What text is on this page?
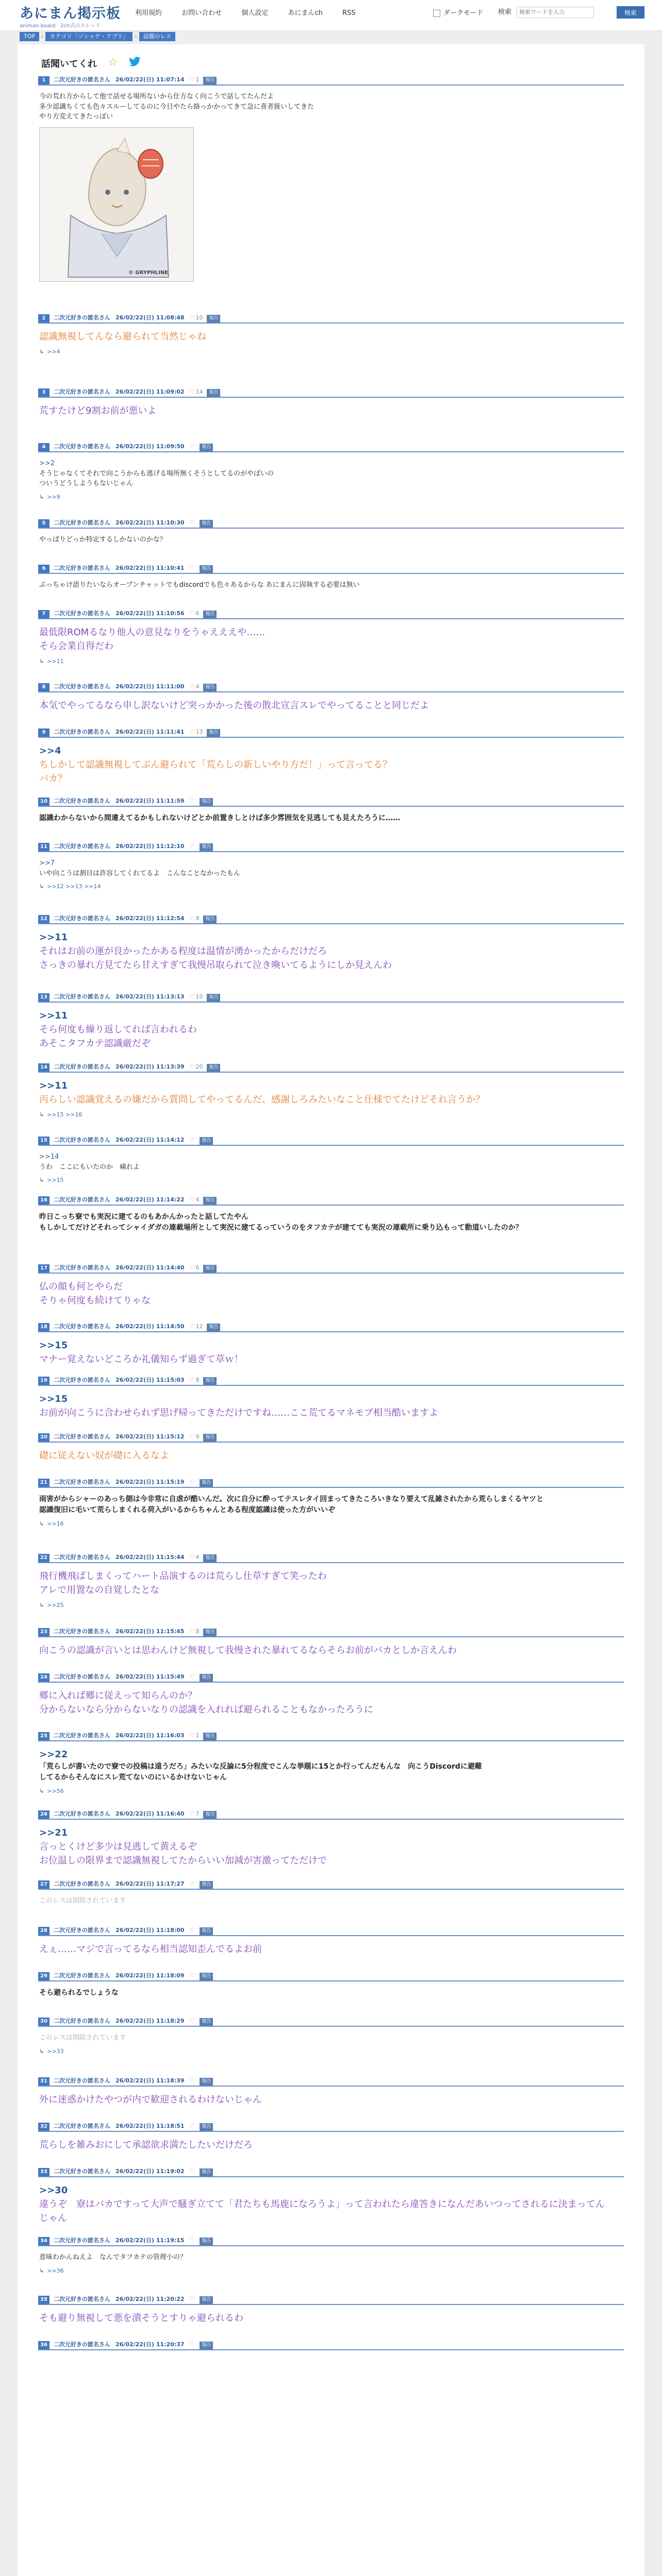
あにまん掲示板
animan board · 2ch式のスレッド
利用規約	お問い合わせ	個人設定	あにまんch	RSS	ダークモード 検索 検索ワードを入力	検索
TOP › カテゴリ「ソシャゲ・アプリ」 › 話題のレス
話聞いてくれ ☆
1 二次元好きの匿名さん 26/02/22(日) 11:07:14 ♡ 1 報告
今の荒れ方からして他で話せる場所ないから仕方なく向こうで話してたんだよ
多少認識ちくても色々スルーしてるのに今日やたら絡っかかってきて急に喜者扱いしてきた
やり方変えてきたっぽい
© GRYPHLINE
2 二次元好きの匿名さん 26/02/22(日) 11:08:48 ♡ 10 報告
認識無視してんなら避られて当然じゃね
↳ >>4
3 二次元好きの匿名さん 26/02/22(日) 11:09:02 ♡ 14 報告
荒すたけど9割お前が悪いよ
4 二次元好きの匿名さん 26/02/22(日) 11:09:50 ♡ 報告
>>2
そうじゃなくてそれで向こうからも逃げる場所無くそうとしてるのがやばいの
ついうどうしようもないじゃん
↳ >>9
5 二次元好きの匿名さん 26/02/22(日) 11:10:30 ♡ 報告
やっぱりどっか特定するしかないのかな？
6 二次元好きの匿名さん 26/02/22(日) 11:10:41 ♡ 報告
ぶっちゃけ語りたいならオープンチャットでもdiscordでも色々あるからな あにまんに固執する必要は無い
7 二次元好きの匿名さん 26/02/22(日) 11:10:56 ♡ 6 報告
最低限ROMるなり他人の意見なりをうゃえええや……
そら会業自得だわ
↳ >>11
8 二次元好きの匿名さん 26/02/22(日) 11:11:00 ♡ 4 報告
本気でやってるなら申し訳ないけど突っかかった後の散北宣言スレでやってることと同じだよ
9 二次元好きの匿名さん 26/02/22(日) 11:11:41 ♡ 13 報告
>>4
ちしかして認識無視してぶん避られて「荒らしの新しいやり方だ！」って言ってる？
バカ？
10 二次元好きの匿名さん 26/02/22(日) 11:11:59 ♡ 報告
認識わからないから間違えてるかもしれないけどとか前置きしとけば多少雰囲気を見逃しても見えたろうに……
11 二次元好きの匿名さん 26/02/22(日) 11:12:10 ♡ 報告
>>7
いや向こうは割目は許容してくれてるよ　こんなことなかったもん
↳ >>12 >>13 >>14
12 二次元好きの匿名さん 26/02/22(日) 11:12:54 ♡ 8 報告
>>11
それはお前の運が良かったかある程度は温情が湧かったからだけだろ
さっきの暴れ方見てたら甘えすぎて我慢吊取られて泣き喚いてるようにしか見えんわ
13 二次元好きの匿名さん 26/02/22(日) 11:13:13 ♡ 10 報告
>>11
そら何度も繰り返してれば言われるわ
あそこタフカテ認識厳だぞ
14 二次元好きの匿名さん 26/02/22(日) 11:13:39 ♡ 20 報告
>>11
丙らしい認識覚えるの嫌だから質問してやってるんだ、感謝しろみたいなこと仕様でてたけどそれ言うか？
↳ >>15 >>16
15 二次元好きの匿名さん 26/02/22(日) 11:14:12 ♡ 報告
>>14
うわ　ここにもいたのか　痛れよ
↳ >>15
16 二次元好きの匿名さん 26/02/22(日) 11:14:22 ♡ 4 報告
昨日こっち寮でも実況に建てるのもあかんかったと話してたやん
もしかしてだけどそれってシャイダガの連載場所として実況に建てるっていうのをタフカテが建てても実況の連載所に乗り込もって動道いしたのか？
17 二次元好きの匿名さん 26/02/22(日) 11:14:40 ♡ 6 報告
仏の顔も何とやらだ
そりゃ何度も続けてりゃな
18 二次元好きの匿名さん 26/02/22(日) 11:14:50 ♡ 12 報告
>>15
マナー覚えないどころか礼儀知らず過ぎて草ｗ！
19 二次元好きの匿名さん 26/02/22(日) 11:15:03 ♡ 8 報告
>>15
お前が向こうに合わせられず思げ帰ってきただけですね……ここ荒てるマネモブ相当酷いますよ
20 二次元好きの匿名さん 26/02/22(日) 11:15:12 ♡ 9 報告
礎に従えない奴が礎に入るなよ
21 二次元好きの匿名さん 26/02/22(日) 11:15:19 ♡ 報告
雨害がからシャーのあっち側は今非常に自虐が酷いんだ。次に自分に酔ってテスレタイ回まってきたころいきなり要えて乱雑されたから荒らしまくるヤツと
認識復旧に毛いて荒らしまくれる荷入がいるからちゃんとある程度認識は使った方がいいぞ
↳ >>16
22 二次元好きの匿名さん 26/02/22(日) 11:15:44 ♡ 4 報告
飛行機飛ばしまくってハート品演するのは荒らし仕草すぎて笑ったわ
アレで用置なの自覚したとな
↳ >>25
23 二次元好きの匿名さん 26/02/22(日) 11:15:45 ♡ 8 報告
向こうの認識が言いとは思わんけど無視して我慢された暴れてるならそらお前がバカとしか言えんわ
24 二次元好きの匿名さん 26/02/22(日) 11:15:49 ♡ 報告
郷に入れば郷に従えって知らんのか？
分からないなら分からないなりの認識を入れれば避られることもなかったろうに
25 二次元好きの匿名さん 26/02/22(日) 11:16:03 ♡ 1 報告
>>22
「荒らしが書いたので寮での投稿は遠うだろ」みたいな反論に5分程度でこんな挙題に15とか行ってんだもんな　向こうDiscordに避難
してるからそんなにスレ荒てないのにいるかけないじゃん
↳ >>56
26 二次元好きの匿名さん 26/02/22(日) 11:16:40 ♡ 7 報告
>>21
言っとくけど多少は見逃して黄えるぞ
お位温しの限界まで認識無視してたからいい加減が害激ってただけで
27 二次元好きの匿名さん 26/02/22(日) 11:17:27 ♡ 報告
このレスは削除されています
28 二次元好きの匿名さん 26/02/22(日) 11:18:00 ♡ 報告
えぇ……マジで言ってるなら相当認知歪んでるよお前
29 二次元好きの匿名さん 26/02/22(日) 11:18:09 ♡ 報告
そら避られるでしょうな
30 二次元好きの匿名さん 26/02/22(日) 11:18:29 ♡ 報告
このレスは削除されています
↳ >>33
31 二次元好きの匿名さん 26/02/22(日) 11:18:39 ♡ 報告
外に迷惑かけたやつが内で歓迎されるわけないじゃん
32 二次元好きの匿名さん 26/02/22(日) 11:18:51 ♡ 報告
荒らしを雑みおにして承認欲求満たしたいだけだろ
33 二次元好きの匿名さん 26/02/22(日) 11:19:02 ♡ 報告
>>30
違うぞ　寮はバカですって大声で騒ぎ立てて「君たちも馬鹿になろうよ」って言われたら違答きになんだあいつってされるに決まってん
じゃん
34 二次元好きの匿名さん 26/02/22(日) 11:19:15 ♡ 報告
意味わかんねえよ　なんでタフカテの管理小の？
↳ >>36
35 二次元好きの匿名さん 26/02/22(日) 11:20:22 ♡ 報告
そも避り無視して悪を潰そうとすりゃ避られるわ
36 二次元好きの匿名さん 26/02/22(日) 11:20:37 ♡ 報告
